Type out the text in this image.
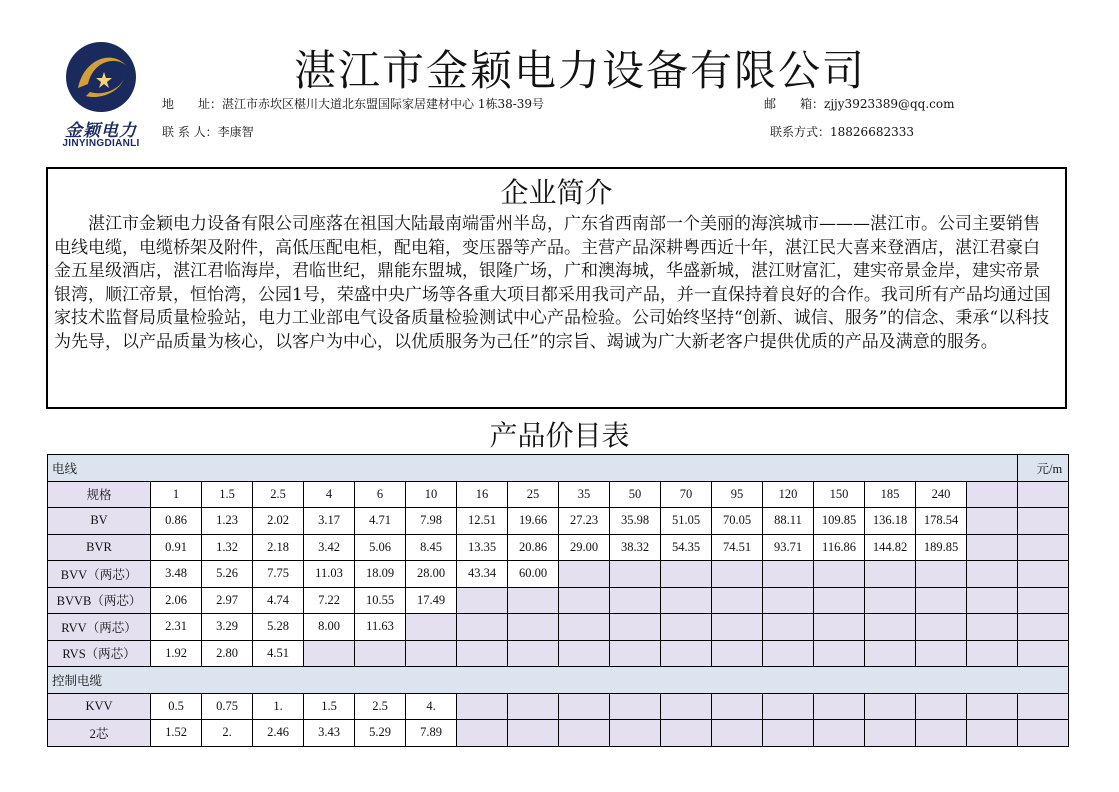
金颖电力
JINYINGDIANLI
湛江市金颖电力设备有限公司
地　　址：湛江市赤坎区椹川大道北东盟国际家居建材中心 1栋38-39号	邮　　箱：zjjy3923389@qq.com
联 系 人：李康智	联系方式：18826682333
企业简介
湛江市金颖电力设备有限公司座落在祖国大陆最南端雷州半岛，广东省西南部一个美丽的海滨城市———湛江市。公司主要销售电线电缆，电缆桥架及附件，高低压配电柜，配电箱，变压器等产品。主营产品深耕粤西近十年，湛江民大喜来登酒店，湛江君豪白金五星级酒店，湛江君临海岸，君临世纪，鼎能东盟城，银隆广场，广和澳海城，华盛新城，湛江财富汇，建实帝景金岸，建实帝景银湾，顺江帝景，恒怡湾，公园1号，荣盛中央广场等各重大项目都采用我司产品，并一直保持着良好的合作。我司所有产品均通过国家技术监督局质量检验站，电力工业部电气设备质量检验测试中心产品检验。公司始终坚持“创新、诚信、服务”的信念、秉承“以科技为先导，以产品质量为核心，以客户为中心，以优质服务为己任”的宗旨、竭诚为广大新老客户提供优质的产品及满意的服务。
产品价目表
电线																		元/m
规格	1	1.5	2.5	4	6	10	16	25	35	50	70	95	120	150	185	240		
BV	0.86	1.23	2.02	3.17	4.71	7.98	12.51	19.66	27.23	35.98	51.05	70.05	88.11	109.85	136.18	178.54		
BVR	0.91	1.32	2.18	3.42	5.06	8.45	13.35	20.86	29.00	38.32	54.35	74.51	93.71	116.86	144.82	189.85		
BVV（两芯）	3.48	5.26	7.75	11.03	18.09	28.00	43.34	60.00										
BVVB（两芯）	2.06	2.97	4.74	7.22	10.55	17.49												
RVV（两芯）	2.31	3.29	5.28	8.00	11.63													
RVS（两芯）	1.92	2.80	4.51															
控制电缆																		
KVV	0.5	0.75	1.	1.5	2.5	4.												
2芯	1.52	2.	2.46	3.43	5.29	7.89												
